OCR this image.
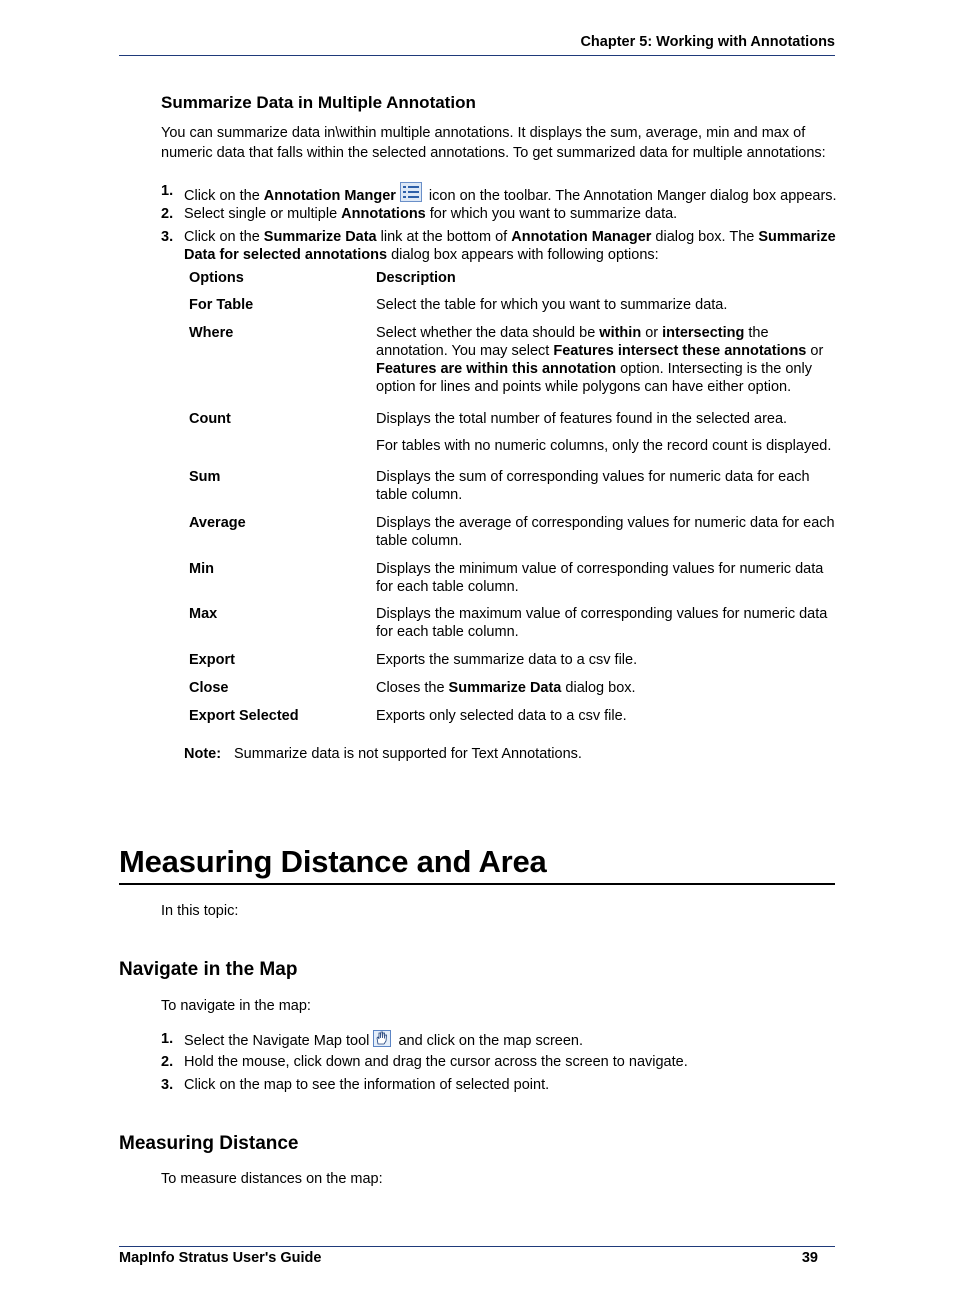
Chapter 5: Working with Annotations
Summarize Data in Multiple Annotation
You can summarize data in\within multiple annotations. It displays the sum, average, min and max of numeric data that falls within the selected annotations. To get summarized data for multiple annotations:
1. Click on the Annotation Manger icon on the toolbar. The Annotation Manger dialog box appears.
2. Select single or multiple Annotations for which you want to summarize data.
3. Click on the Summarize Data link at the bottom of Annotation Manager dialog box. The Summarize Data for selected annotations dialog box appears with following options:
Options	Description
For Table	Select the table for which you want to summarize data.
Where	Select whether the data should be within or intersecting the annotation. You may select Features intersect these annotations or Features are within this annotation option. Intersecting is the only option for lines and points while polygons can have either option.
Count	Displays the total number of features found in the selected area.
For tables with no numeric columns, only the record count is displayed.
Sum	Displays the sum of corresponding values for numeric data for each table column.
Average	Displays the average of corresponding values for numeric data for each table column.
Min	Displays the minimum value of corresponding values for numeric data for each table column.
Max	Displays the maximum value of corresponding values for numeric data for each table column.
Export	Exports the summarize data to a csv file.
Close	Closes the Summarize Data dialog box.
Export Selected	Exports only selected data to a csv file.
Note: Summarize data is not supported for Text Annotations.
Measuring Distance and Area
In this topic:
Navigate in the Map
To navigate in the map:
1. Select the Navigate Map tool  and click on the map screen.
2. Hold the mouse, click down and drag the cursor across the screen to navigate.
3. Click on the map to see the information of selected point.
Measuring Distance
To measure distances on the map:
MapInfo Stratus User's Guide	39
